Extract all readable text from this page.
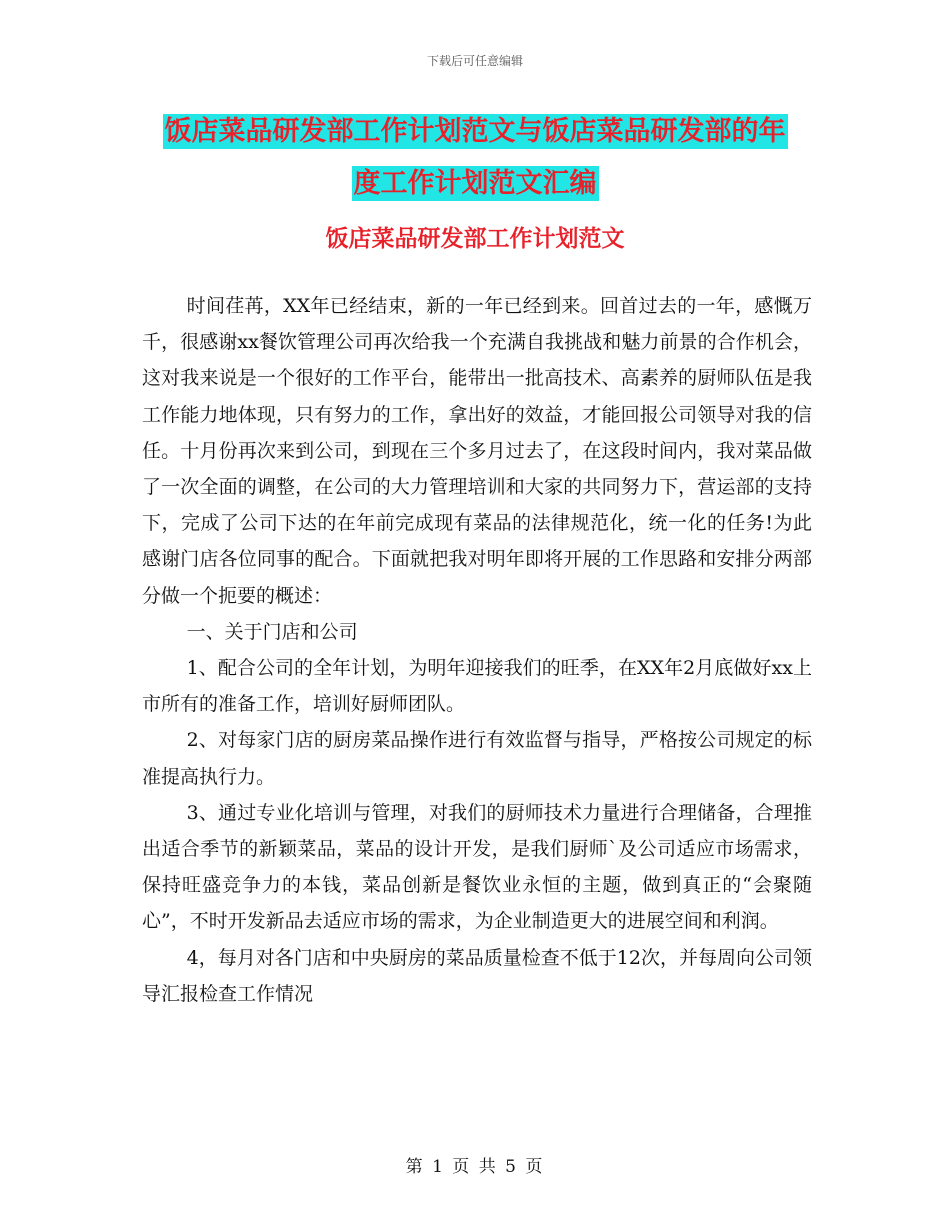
下载后可任意编辑
饭店菜品研发部工作计划范文与饭店菜品研发部的年
度工作计划范文汇编
饭店菜品研发部工作计划范文

时间荏苒，XX年已经结束，新的一年已经到来。回首过去的一年，感慨万千，很感谢xx餐饮管理公司再次给我一个充满自我挑战和魅力前景的合作机会，这对我来说是一个很好的工作平台，能带出一批高技术、高素养的厨师队伍是我工作能力地体现，只有努力的工作，拿出好的效益，才能回报公司领导对我的信任。十月份再次来到公司，到现在三个多月过去了，在这段时间内，我对菜品做了一次全面的调整，在公司的大力管理培训和大家的共同努力下，营运部的支持下，完成了公司下达的在年前完成现有菜品的法律规范化，统一化的任务!为此感谢门店各位同事的配合。下面就把我对明年即将开展的工作思路和安排分两部分做一个扼要的概述：

一、关于门店和公司

1、配合公司的全年计划，为明年迎接我们的旺季，在XX年2月底做好xx上市所有的准备工作，培训好厨师团队。

2、对每家门店的厨房菜品操作进行有效监督与指导，严格按公司规定的标准提高执行力。

3、通过专业化培训与管理，对我们的厨师技术力量进行合理储备，合理推出适合季节的新颖菜品，菜品的设计开发，是我们厨师`及公司适应市场需求，保持旺盛竞争力的本钱，菜品创新是餐饮业永恒的主题，做到真正的“会聚随心”，不时开发新品去适应市场的需求，为企业制造更大的进展空间和利润。

4，每月对各门店和中央厨房的菜品质量检查不低于12次，并每周向公司领导汇报检查工作情况

第 1 页 共 5 页
